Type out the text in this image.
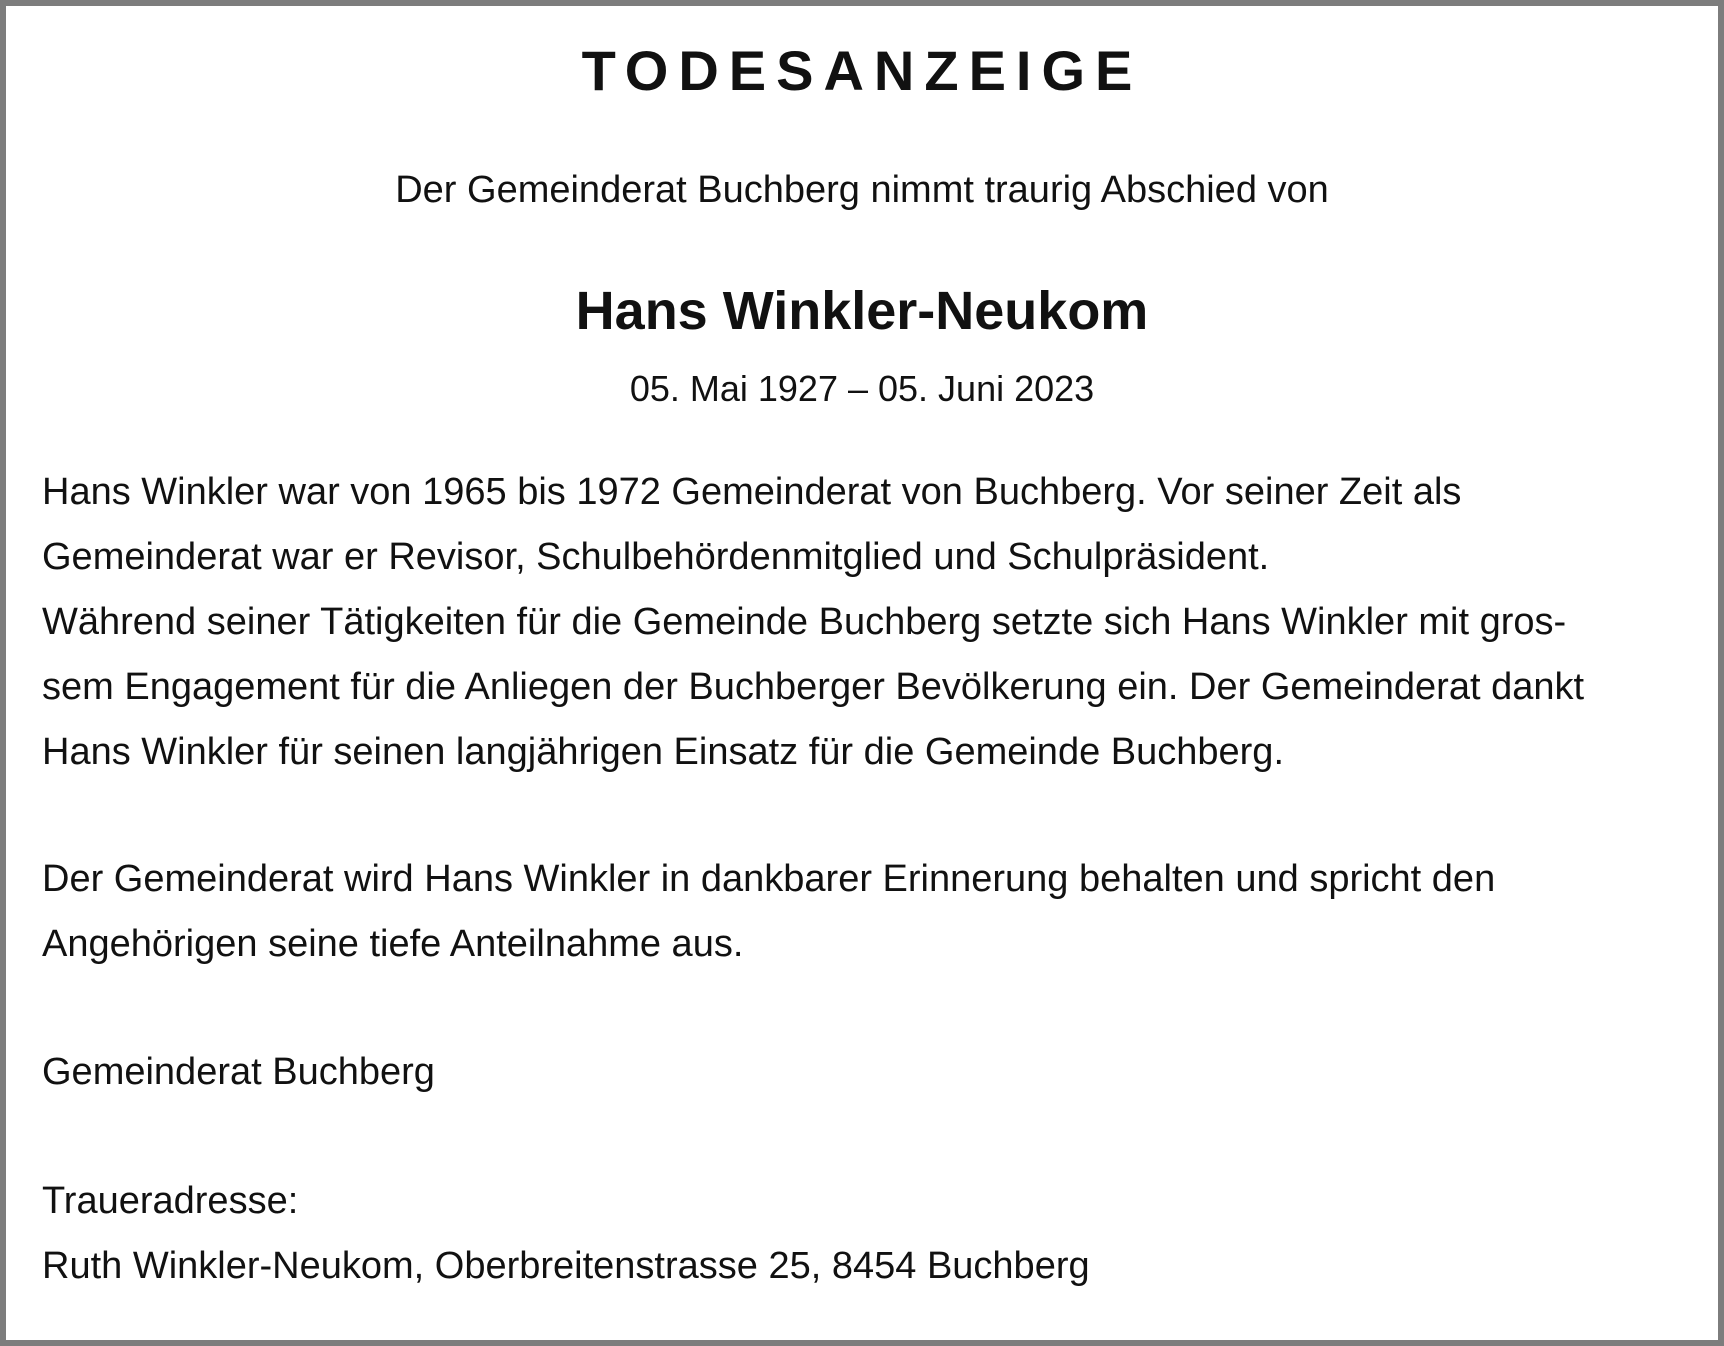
TODESANZEIGE
Der Gemeinderat Buchberg nimmt traurig Abschied von
Hans Winkler-Neukom
05. Mai 1927 – 05. Juni 2023
Hans Winkler war von 1965 bis 1972 Gemeinderat von Buchberg. Vor seiner Zeit als
Gemeinderat war er Revisor, Schulbehördenmitglied und Schulpräsident.
Während seiner Tätigkeiten für die Gemeinde Buchberg setzte sich Hans Winkler mit gros-
sem Engagement für die Anliegen der Buchberger Bevölkerung ein. Der Gemeinderat dankt
Hans Winkler für seinen langjährigen Einsatz für die Gemeinde Buchberg.
Der Gemeinderat wird Hans Winkler in dankbarer Erinnerung behalten und spricht den
Angehörigen seine tiefe Anteilnahme aus.
Gemeinderat Buchberg
Traueradresse:
Ruth Winkler-Neukom, Oberbreitenstrasse 25, 8454 Buchberg
